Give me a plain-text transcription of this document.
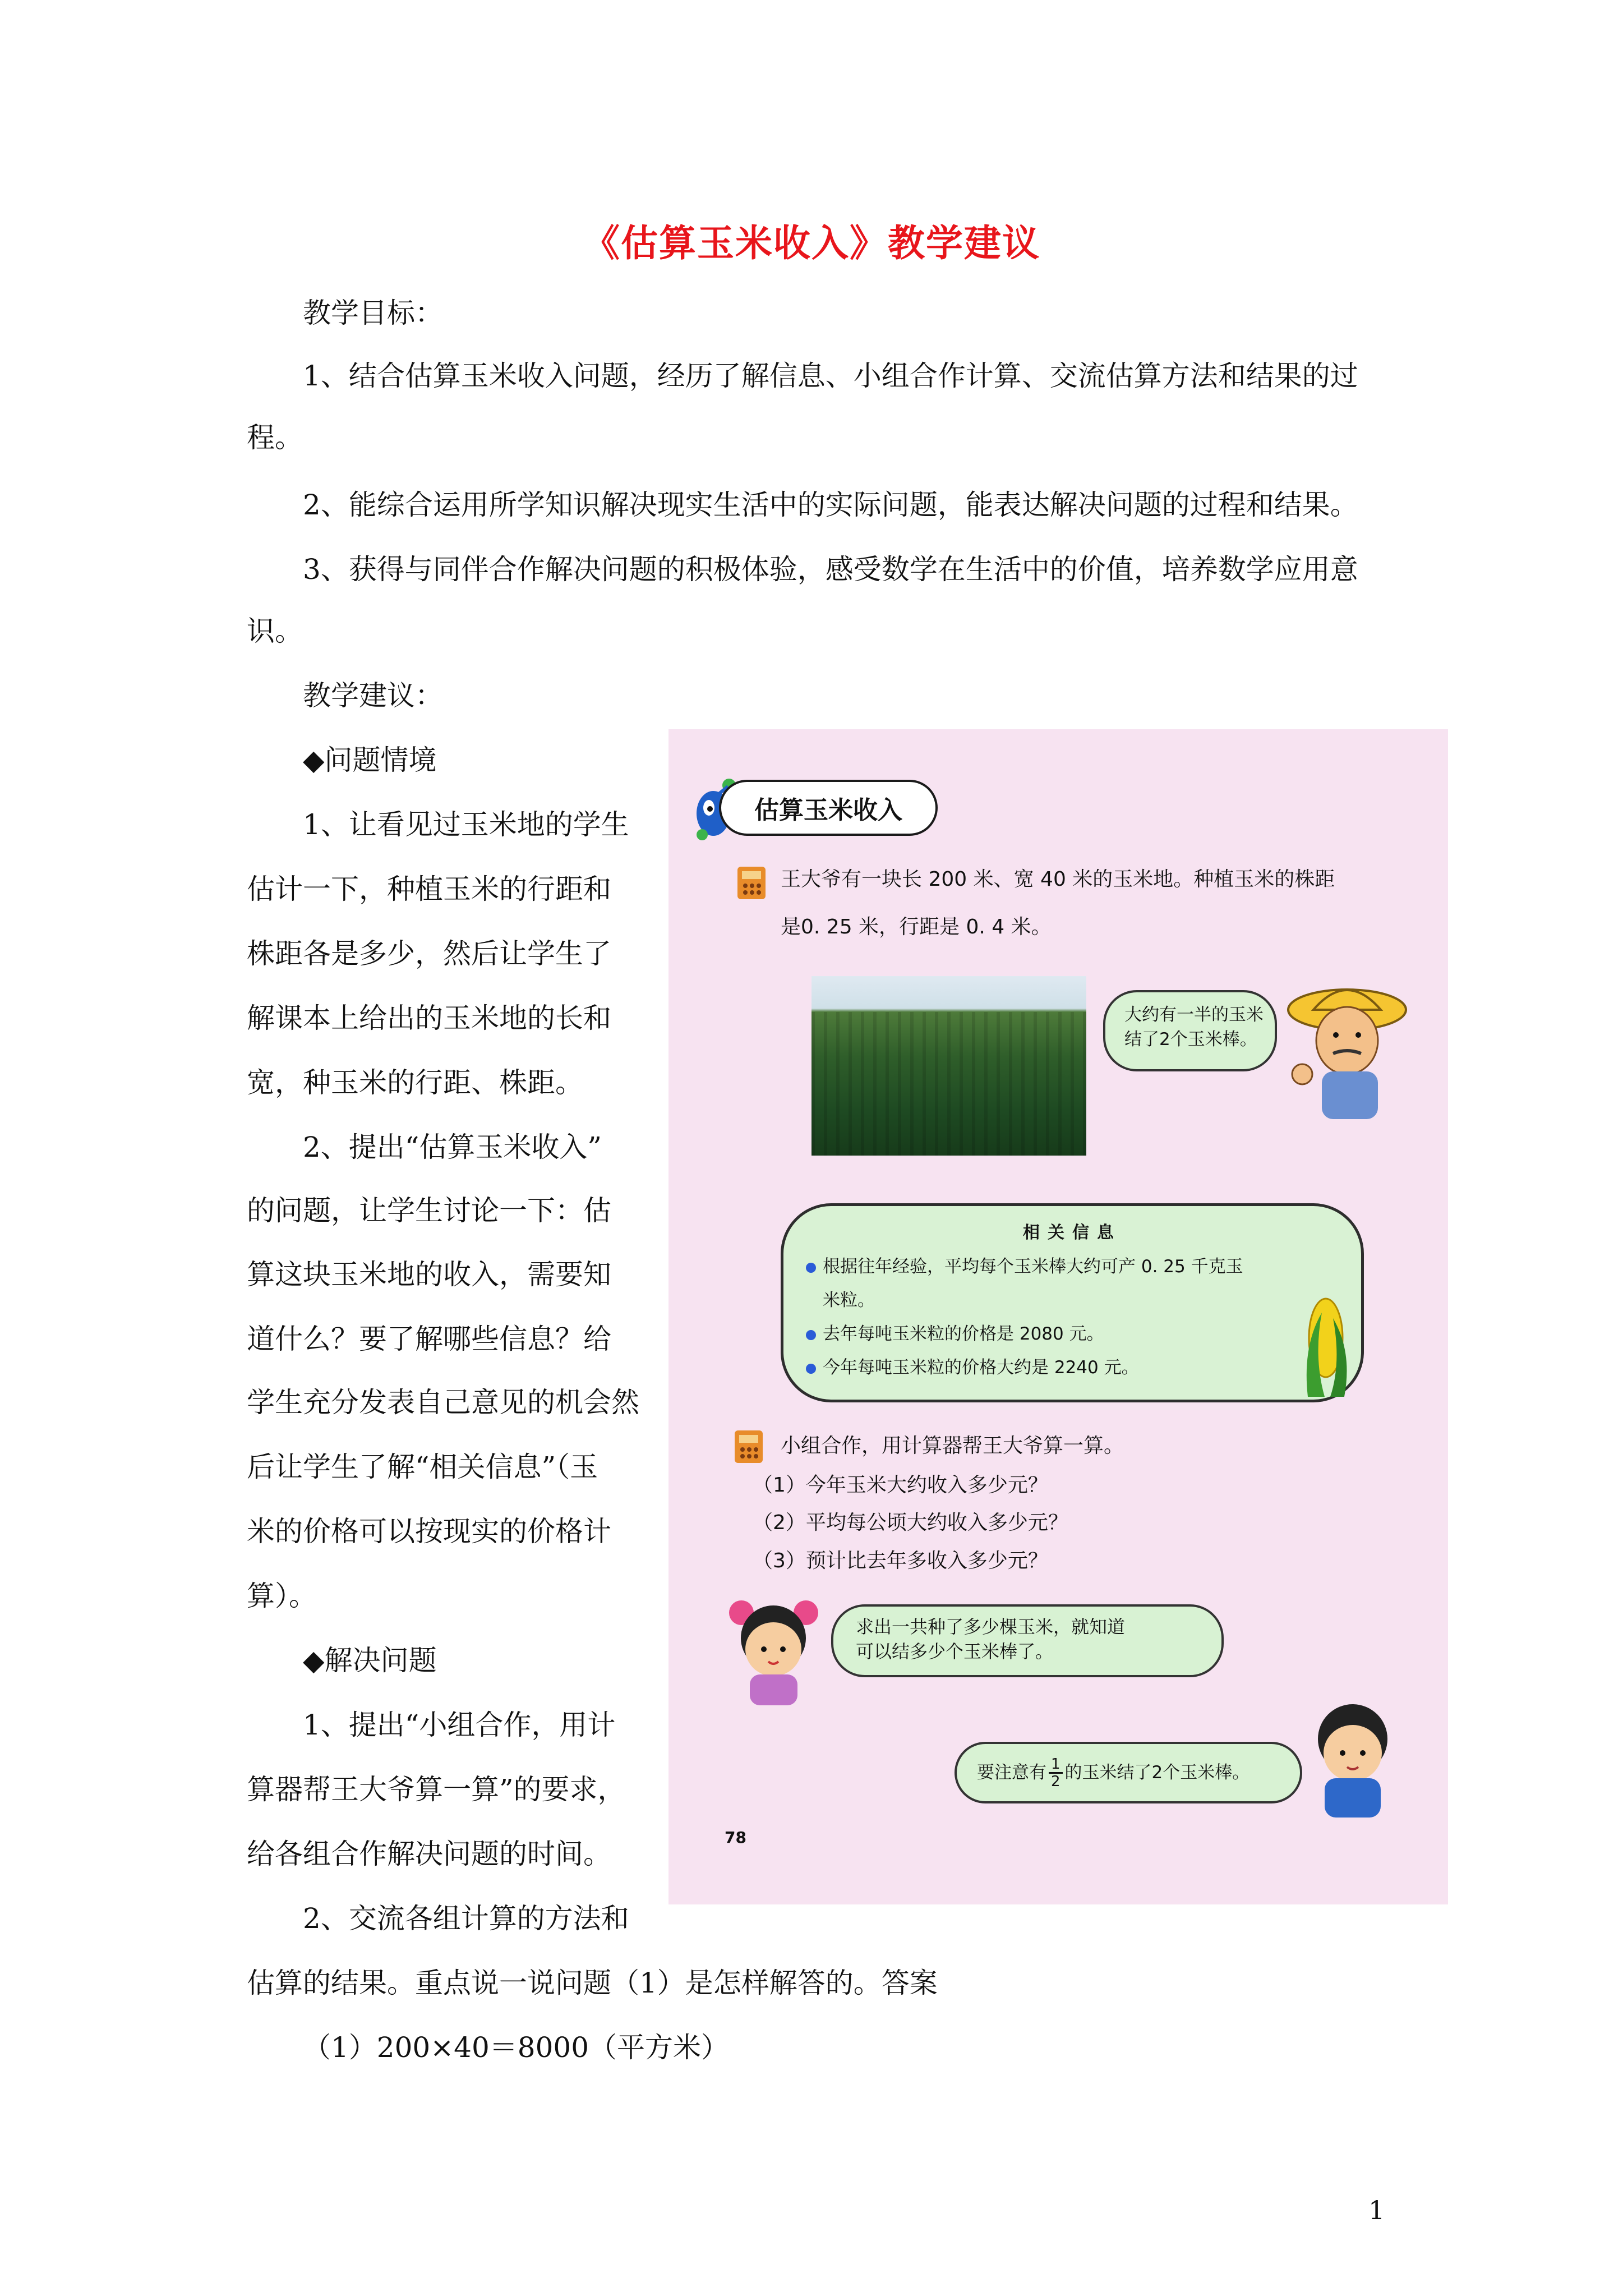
《估算玉米收入》教学建议
教学目标：
1、结合估算玉米收入问题，经历了解信息、小组合作计算、交流估算方法和结果的过
程。
2、能综合运用所学知识解决现实生活中的实际问题，能表达解决问题的过程和结果。
3、获得与同伴合作解决问题的积极体验，感受数学在生活中的价值，培养数学应用意
识。
教学建议：
◆问题情境
1、让看见过玉米地的学生
估计一下，种植玉米的行距和
株距各是多少，然后让学生了
解课本上给出的玉米地的长和
宽，种玉米的行距、株距。
2、提出“估算玉米收入”
的问题，让学生讨论一下：估
算这块玉米地的收入，需要知
道什么？要了解哪些信息？给
学生充分发表自己意见的机会然
后让学生了解“相关信息”（玉
米的价格可以按现实的价格计
算）。
◆解决问题
1、提出“小组合作，用计
算器帮王大爷算一算”的要求，
给各组合作解决问题的时间。
2、交流各组计算的方法和
估算的结果。重点说一说问题（1）是怎样解答的。答案
（1）200×40＝8000（平方米）
1
估算玉米收入
王大爷有一块长 200 米、宽 40 米的玉米地。种植玉米的株距
是0. 25 米，行距是 0. 4 米。
大约有一半的玉米
结了2个玉米棒。
相关信息
根据往年经验，平均每个玉米棒大约可产 0. 25 千克玉
米粒。
去年每吨玉米粒的价格是 2080 元。
今年每吨玉米粒的价格大约是 2240 元。
小组合作，用计算器帮王大爷算一算。
（1）今年玉米大约收入多少元？
（2）平均每公顷大约收入多少元？
（3）预计比去年多收入多少元？
求出一共种了多少棵玉米，就知道
可以结多少个玉米棒了。
要注意有 $\frac{1}{2}$ 的玉米结了2个玉米棒。
78
